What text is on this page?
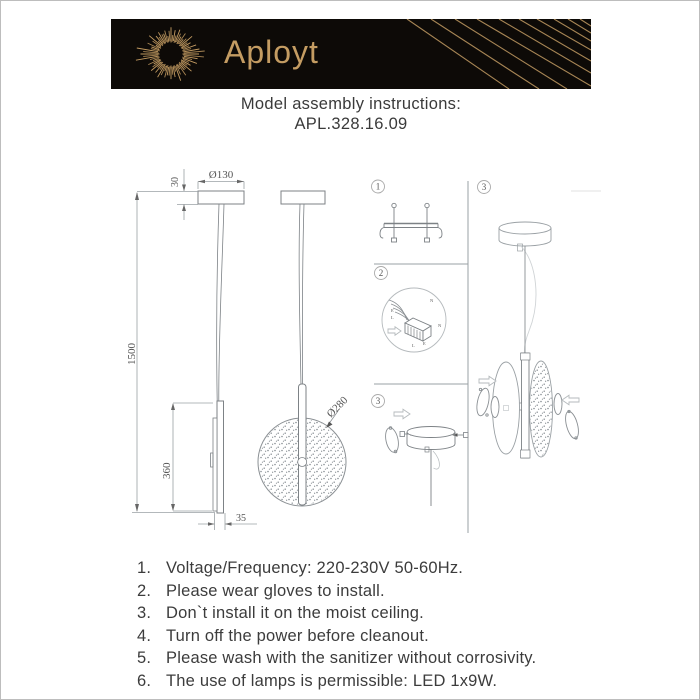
Aployt
Model assembly instructions:
APL.328.16.09
1500
30
Ø130
360
35
Ø280
1
2
3
3
N
E
L
N
L E
1. Voltage/Frequency: 220-230V 50-60Hz.
2. Please wear gloves to install.
3. Don`t install it on the moist ceiling.
4. Turn off the power before cleanout.
5. Please wash with the sanitizer without corrosivity.
6. The use of lamps is permissible: LED 1x9W.
